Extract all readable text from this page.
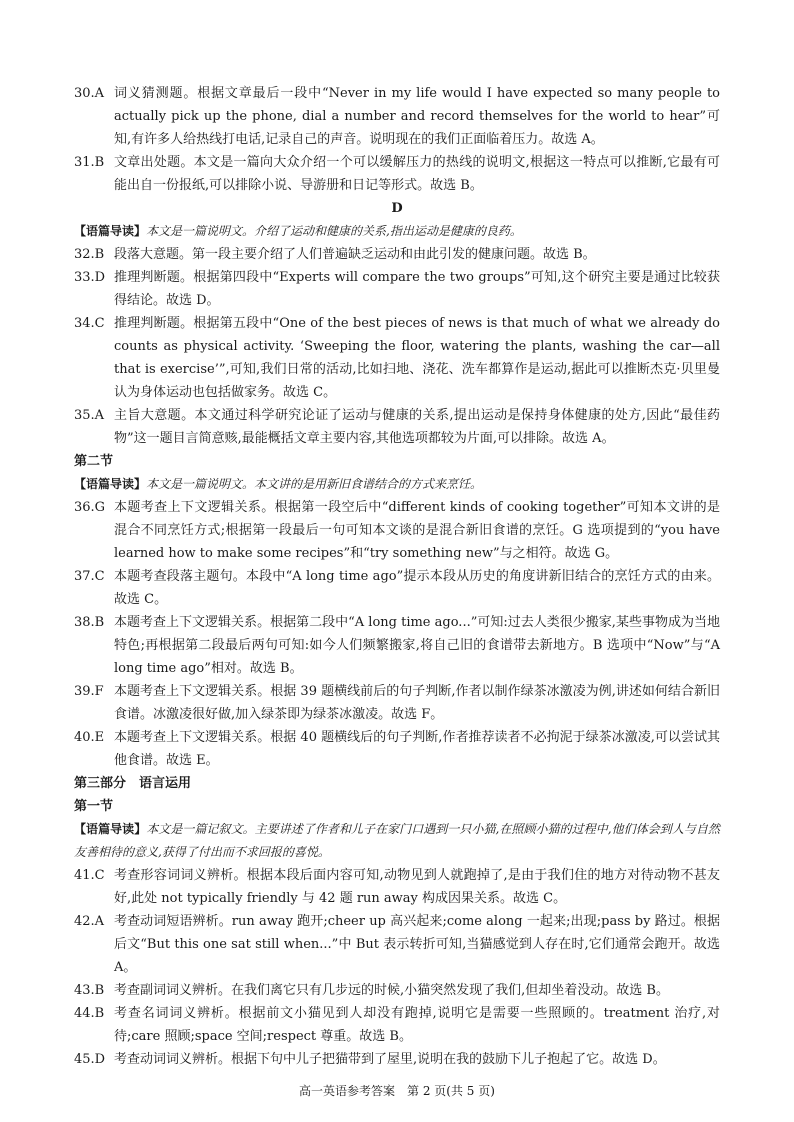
30.A 词义猜测题。根据文章最后一段中“Never in my life would I have expected so many people to actually pick up the phone, dial a number and record themselves for the world to hear”可知,有许多人给热线打电话,记录自己的声音。说明现在的我们正面临着压力。故选 A。
31.B 文章出处题。本文是一篇向大众介绍一个可以缓解压力的热线的说明文,根据这一特点可以推断,它最有可能出自一份报纸,可以排除小说、导游册和日记等形式。故选 B。

D

【语篇导读】本文是一篇说明文。介绍了运动和健康的关系,指出运动是健康的良药。

32.B 段落大意题。第一段主要介绍了人们普遍缺乏运动和由此引发的健康问题。故选 B。
33.D 推理判断题。根据第四段中“Experts will compare the two groups”可知,这个研究主要是通过比较获得结论。故选 D。
34.C 推理判断题。根据第五段中“One of the best pieces of news is that much of what we already do counts as physical activity. ‘Sweeping the floor, watering the plants, washing the car—all that is exercise’”,可知,我们日常的活动,比如扫地、浇花、洗车都算作是运动,据此可以推断杰克·贝里曼认为身体运动也包括做家务。故选 C。
35.A 主旨大意题。本文通过科学研究论证了运动与健康的关系,提出运动是保持身体健康的处方,因此“最佳药物”这一题目言简意赅,最能概括文章主要内容,其他选项都较为片面,可以排除。故选 A。

第二节

【语篇导读】本文是一篇说明文。本文讲的是用新旧食谱结合的方式来烹饪。

36.G 本题考查上下文逻辑关系。根据第一段空后中“different kinds of cooking together”可知本文讲的是混合不同烹饪方式;根据第一段最后一句可知本文谈的是混合新旧食谱的烹饪。G 选项提到的“you have learned how to make some recipes”和“try something new”与之相符。故选 G。
37.C 本题考查段落主题句。本段中“A long time ago”提示本段从历史的角度讲新旧结合的烹饪方式的由来。故选 C。
38.B 本题考查上下文逻辑关系。根据第二段中“A long time ago...”可知:过去人类很少搬家,某些事物成为当地特色;再根据第二段最后两句可知:如今人们频繁搬家,将自己旧的食谱带去新地方。B 选项中“Now”与“A long time ago”相对。故选 B。
39.F 本题考查上下文逻辑关系。根据 39 题横线前后的句子判断,作者以制作绿茶冰激凌为例,讲述如何结合新旧食谱。冰激凌很好做,加入绿茶即为绿茶冰激凌。故选 F。
40.E 本题考查上下文逻辑关系。根据 40 题横线后的句子判断,作者推荐读者不必拘泥于绿茶冰激凌,可以尝试其他食谱。故选 E。

第三部分　语言运用

第一节

【语篇导读】本文是一篇记叙文。主要讲述了作者和儿子在家门口遇到一只小猫,在照顾小猫的过程中,他们体会到人与自然友善相待的意义,获得了付出而不求回报的喜悦。

41.C 考查形容词词义辨析。根据本段后面内容可知,动物见到人就跑掉了,是由于我们住的地方对待动物不甚友好,此处 not typically friendly 与 42 题 run away 构成因果关系。故选 C。
42.A 考查动词短语辨析。run away 跑开;cheer up 高兴起来;come along 一起来;出现;pass by 路过。根据后文“But this one sat still when...”中 But 表示转折可知,当猫感觉到人存在时,它们通常会跑开。故选 A。
43.B 考查副词词义辨析。在我们离它只有几步远的时候,小猫突然发现了我们,但却坐着没动。故选 B。
44.B 考查名词词义辨析。根据前文小猫见到人却没有跑掉,说明它是需要一些照顾的。treatment 治疗,对待;care 照顾;space 空间;respect 尊重。故选 B。
45.D 考查动词词义辨析。根据下句中儿子把猫带到了屋里,说明在我的鼓励下儿子抱起了它。故选 D。
高一英语参考答案　第 2 页(共 5 页)
